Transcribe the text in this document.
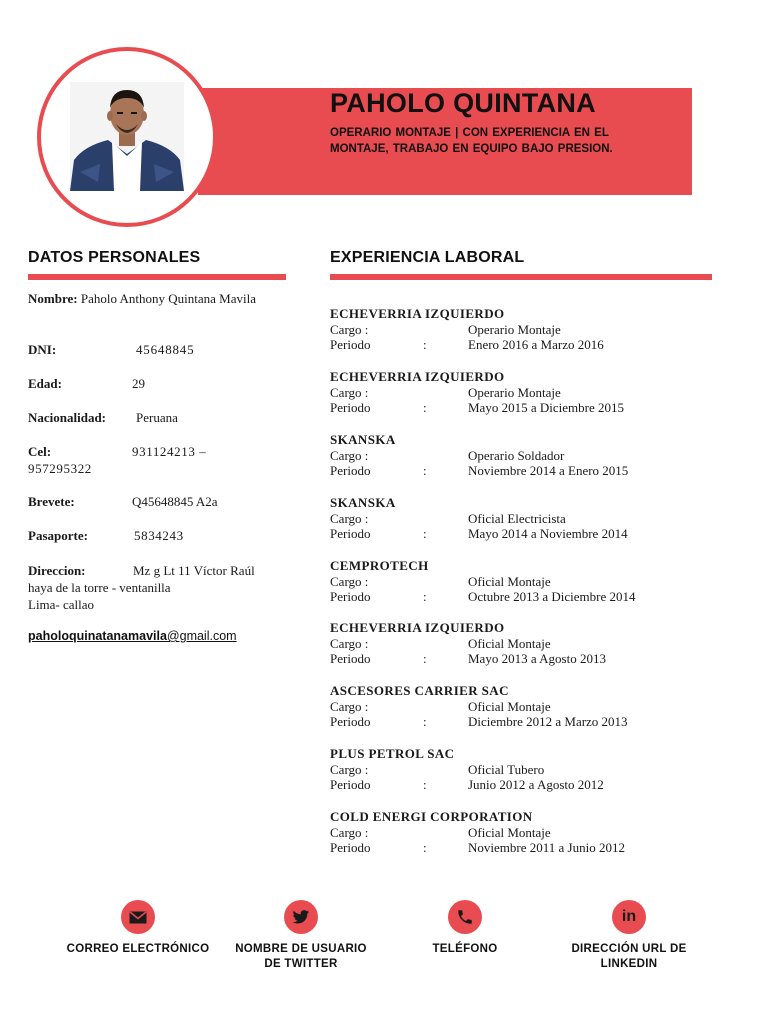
PAHOLO QUINTANA

OPERARIO MONTAJE | CON EXPERIENCIA EN EL
MONTAJE, TRABAJO EN EQUIPO BAJO PRESION.

DATOS PERSONALES
Nombre: Paholo Anthony Quintana Mavila
DNI:	45648845
Edad:	29
Nacionalidad: Peruana
Cel:	931124213 –
957295322
Brevete:	Q45648845 A2a
Pasaporte:	5834243
Direccion:	Mz g Lt 11 Víctor Raúl
haya de la torre - ventanilla
Lima- callao
paholoquinatanamavila@gmail.com
EXPERIENCIA LABORAL
ECHEVERRIA IZQUIERDO
Cargo :	Operario Montaje
Periodo	:	Enero 2016 a Marzo 2016
ECHEVERRIA IZQUIERDO
Cargo :	Operario Montaje
Periodo	:	Mayo 2015 a Diciembre 2015
SKANSKA
Cargo :	Operario Soldador
Periodo	:	Noviembre 2014 a Enero 2015
SKANSKA
Cargo :	Oficial Electricista
Periodo	:	Mayo 2014 a Noviembre 2014
CEMPROTECH
Cargo :	Oficial Montaje
Periodo	:	Octubre 2013 a Diciembre 2014
ECHEVERRIA IZQUIERDO
Cargo :	Oficial Montaje
Periodo	:	Mayo 2013 a Agosto 2013
ASCESORES CARRIER SAC
Cargo :	Oficial Montaje
Periodo	:	Diciembre 2012 a Marzo 2013
PLUS PETROL SAC
Cargo :	Oficial Tubero
Periodo	:	Junio 2012 a Agosto 2012
COLD ENERGI CORPORATION
Cargo :	Oficial Montaje
Periodo	:	Noviembre 2011 a Junio 2012
CORREO ELECTRÓNICO	NOMBRE DE USUARIO
DE TWITTER
TELÉFONO
in
DIRECCIÓN URL DE
LINKEDIN
